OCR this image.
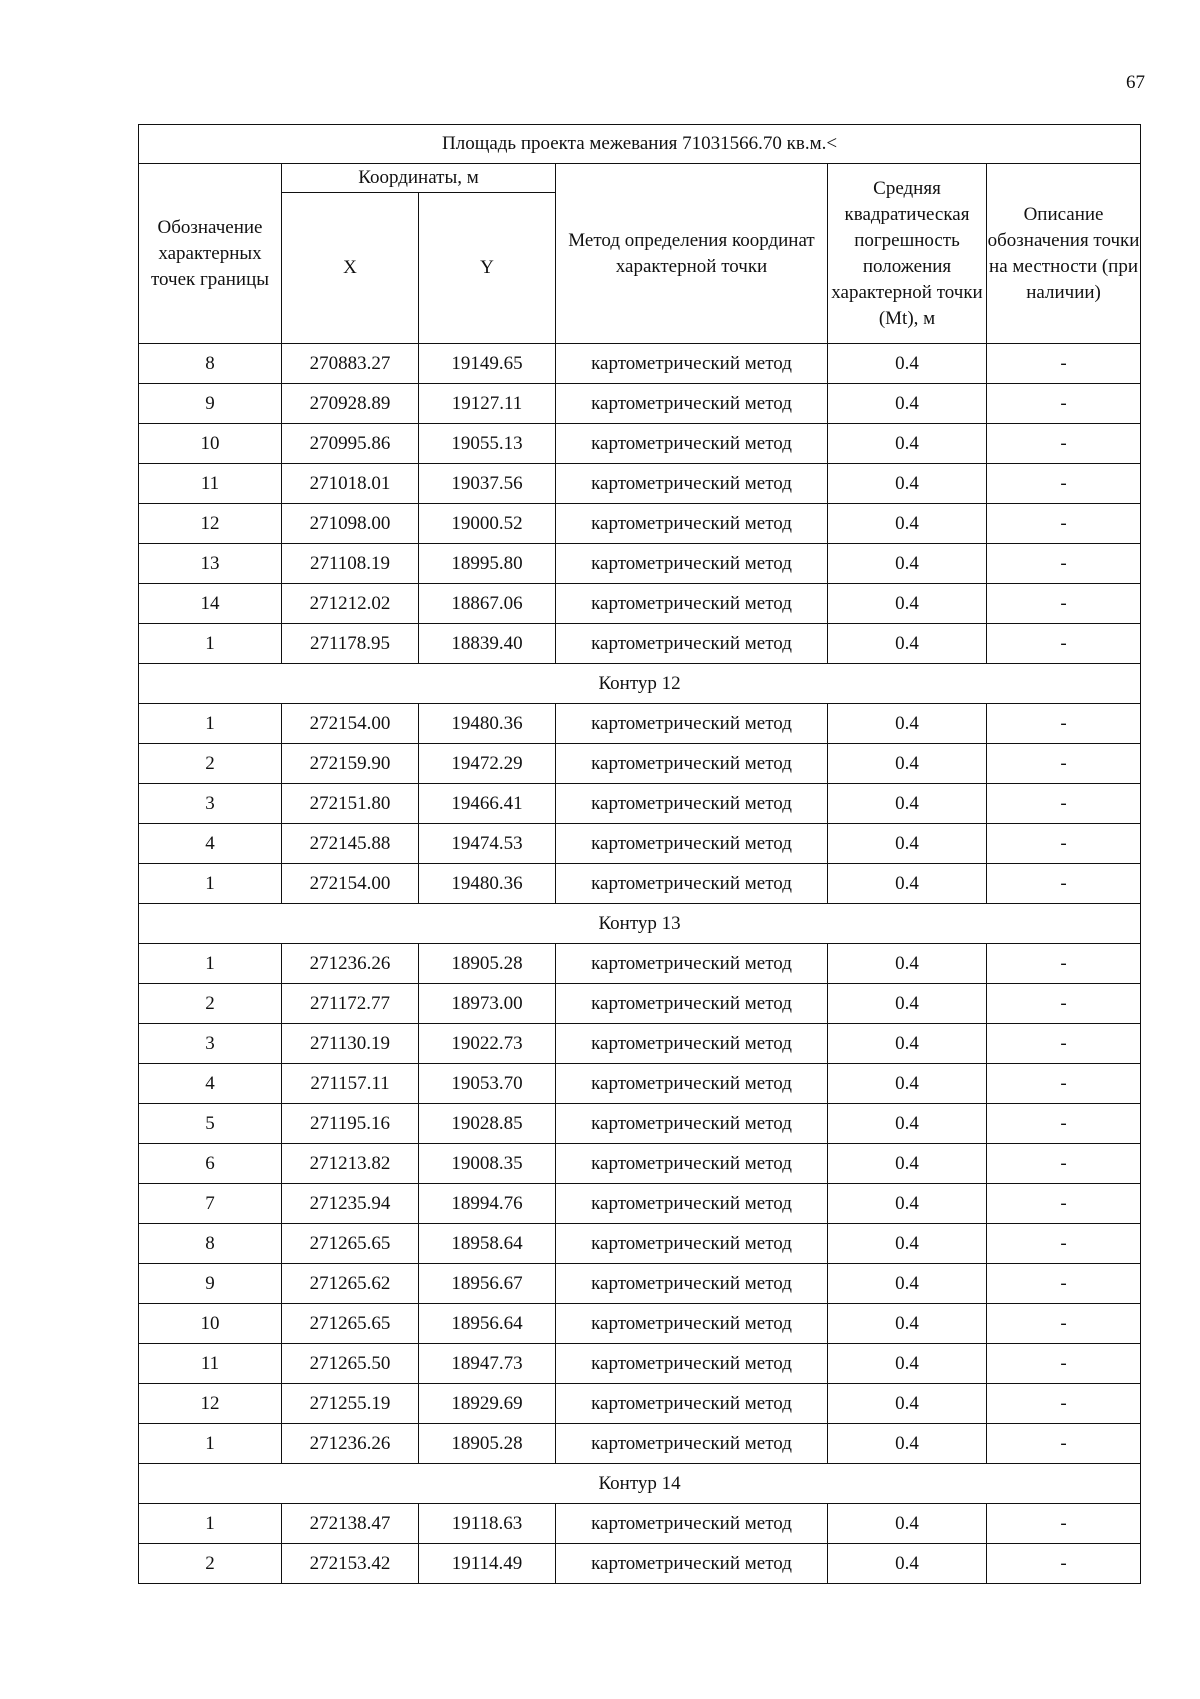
67
Площадь проекта межевания 71031566.70 кв.м.<					
Обозначение характерных точек границы	Координаты, м		Метод определения координат характерной точки	Средняя квадратическая погрешность положения характерной точки (Mt), м	Описание обозначения точки на местности (при наличии)
	X	Y			
8	270883.27	19149.65	картометрический метод	0.4	-
9	270928.89	19127.11	картометрический метод	0.4	-
10	270995.86	19055.13	картометрический метод	0.4	-
11	271018.01	19037.56	картометрический метод	0.4	-
12	271098.00	19000.52	картометрический метод	0.4	-
13	271108.19	18995.80	картометрический метод	0.4	-
14	271212.02	18867.06	картометрический метод	0.4	-
1	271178.95	18839.40	картометрический метод	0.4	-
Контур 12					
1	272154.00	19480.36	картометрический метод	0.4	-
2	272159.90	19472.29	картометрический метод	0.4	-
3	272151.80	19466.41	картометрический метод	0.4	-
4	272145.88	19474.53	картометрический метод	0.4	-
1	272154.00	19480.36	картометрический метод	0.4	-
Контур 13					
1	271236.26	18905.28	картометрический метод	0.4	-
2	271172.77	18973.00	картометрический метод	0.4	-
3	271130.19	19022.73	картометрический метод	0.4	-
4	271157.11	19053.70	картометрический метод	0.4	-
5	271195.16	19028.85	картометрический метод	0.4	-
6	271213.82	19008.35	картометрический метод	0.4	-
7	271235.94	18994.76	картометрический метод	0.4	-
8	271265.65	18958.64	картометрический метод	0.4	-
9	271265.62	18956.67	картометрический метод	0.4	-
10	271265.65	18956.64	картометрический метод	0.4	-
11	271265.50	18947.73	картометрический метод	0.4	-
12	271255.19	18929.69	картометрический метод	0.4	-
1	271236.26	18905.28	картометрический метод	0.4	-
Контур 14					
1	272138.47	19118.63	картометрический метод	0.4	-
2	272153.42	19114.49	картометрический метод	0.4	-
